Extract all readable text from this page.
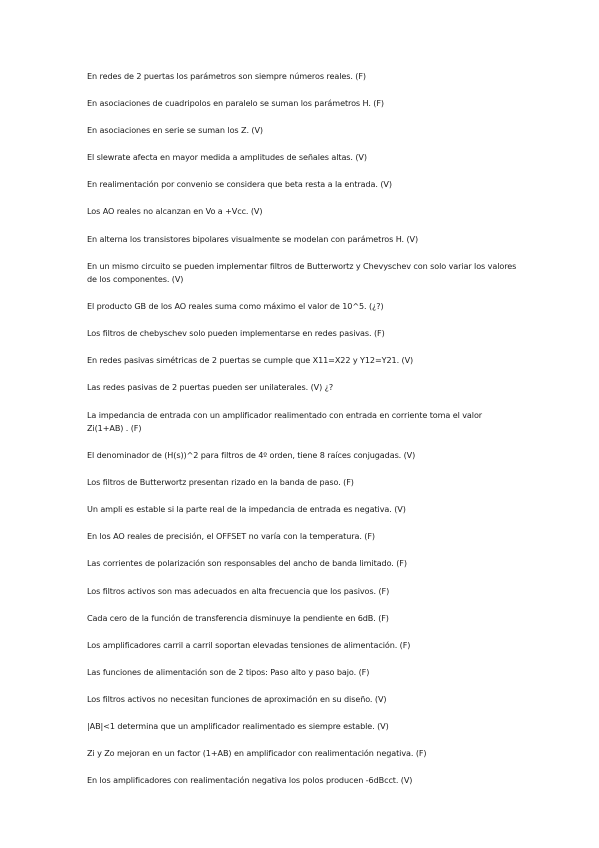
En redes de 2 puertas los parámetros son siempre números reales. (F)
En asociaciones de cuadripolos en paralelo se suman los parámetros H. (F)
En asociaciones en serie se suman los Z. (V)
El slewrate afecta en mayor medida a amplitudes de señales altas. (V)
En realimentación por convenio se considera que beta resta a la entrada. (V)
Los AO reales no alcanzan en Vo a +Vcc. (V)
En alterna los transistores bipolares visualmente se modelan con parámetros H. (V)
En un mismo circuito se pueden implementar filtros de Butterwortz y Chevyschev con solo variar los valores de los componentes. (V)
El producto GB de los AO reales suma como máximo el valor de 10^5. (¿?)
Los filtros de chebyschev solo pueden implementarse en redes pasivas. (F)
En redes pasivas simétricas de 2 puertas se cumple que X11=X22 y Y12=Y21. (V)
Las redes pasivas de 2 puertas pueden ser unilaterales. (V) ¿?
La impedancia de entrada con un amplificador realimentado con entrada en corriente toma el valor Zi(1+AB) . (F)
El denominador de (H(s))^2 para filtros de 4º orden, tiene 8 raíces conjugadas. (V)
Los filtros de Butterwortz presentan rizado en la banda de paso. (F)
Un ampli es estable si la parte real de la impedancia de entrada es negativa. (V)
En los AO reales de precisión, el OFFSET no varía con la temperatura. (F)
Las corrientes de polarización son responsables del ancho de banda limitado. (F)
Los filtros activos son mas adecuados en alta frecuencia que los pasivos. (F)
Cada cero de la función de transferencia disminuye la pendiente en 6dB. (F)
Los amplificadores carril a carril soportan elevadas tensiones de alimentación. (F)
Las funciones de alimentación son de 2 tipos: Paso alto y paso bajo. (F)
Los filtros activos no necesitan funciones de aproximación en su diseño. (V)
|AB|<1 determina que un amplificador realimentado es siempre estable. (V)
Zi y Zo mejoran en un factor (1+AB) en amplificador con realimentación negativa. (F)
En los amplificadores con realimentación negativa los polos producen -6dBcct. (V)
